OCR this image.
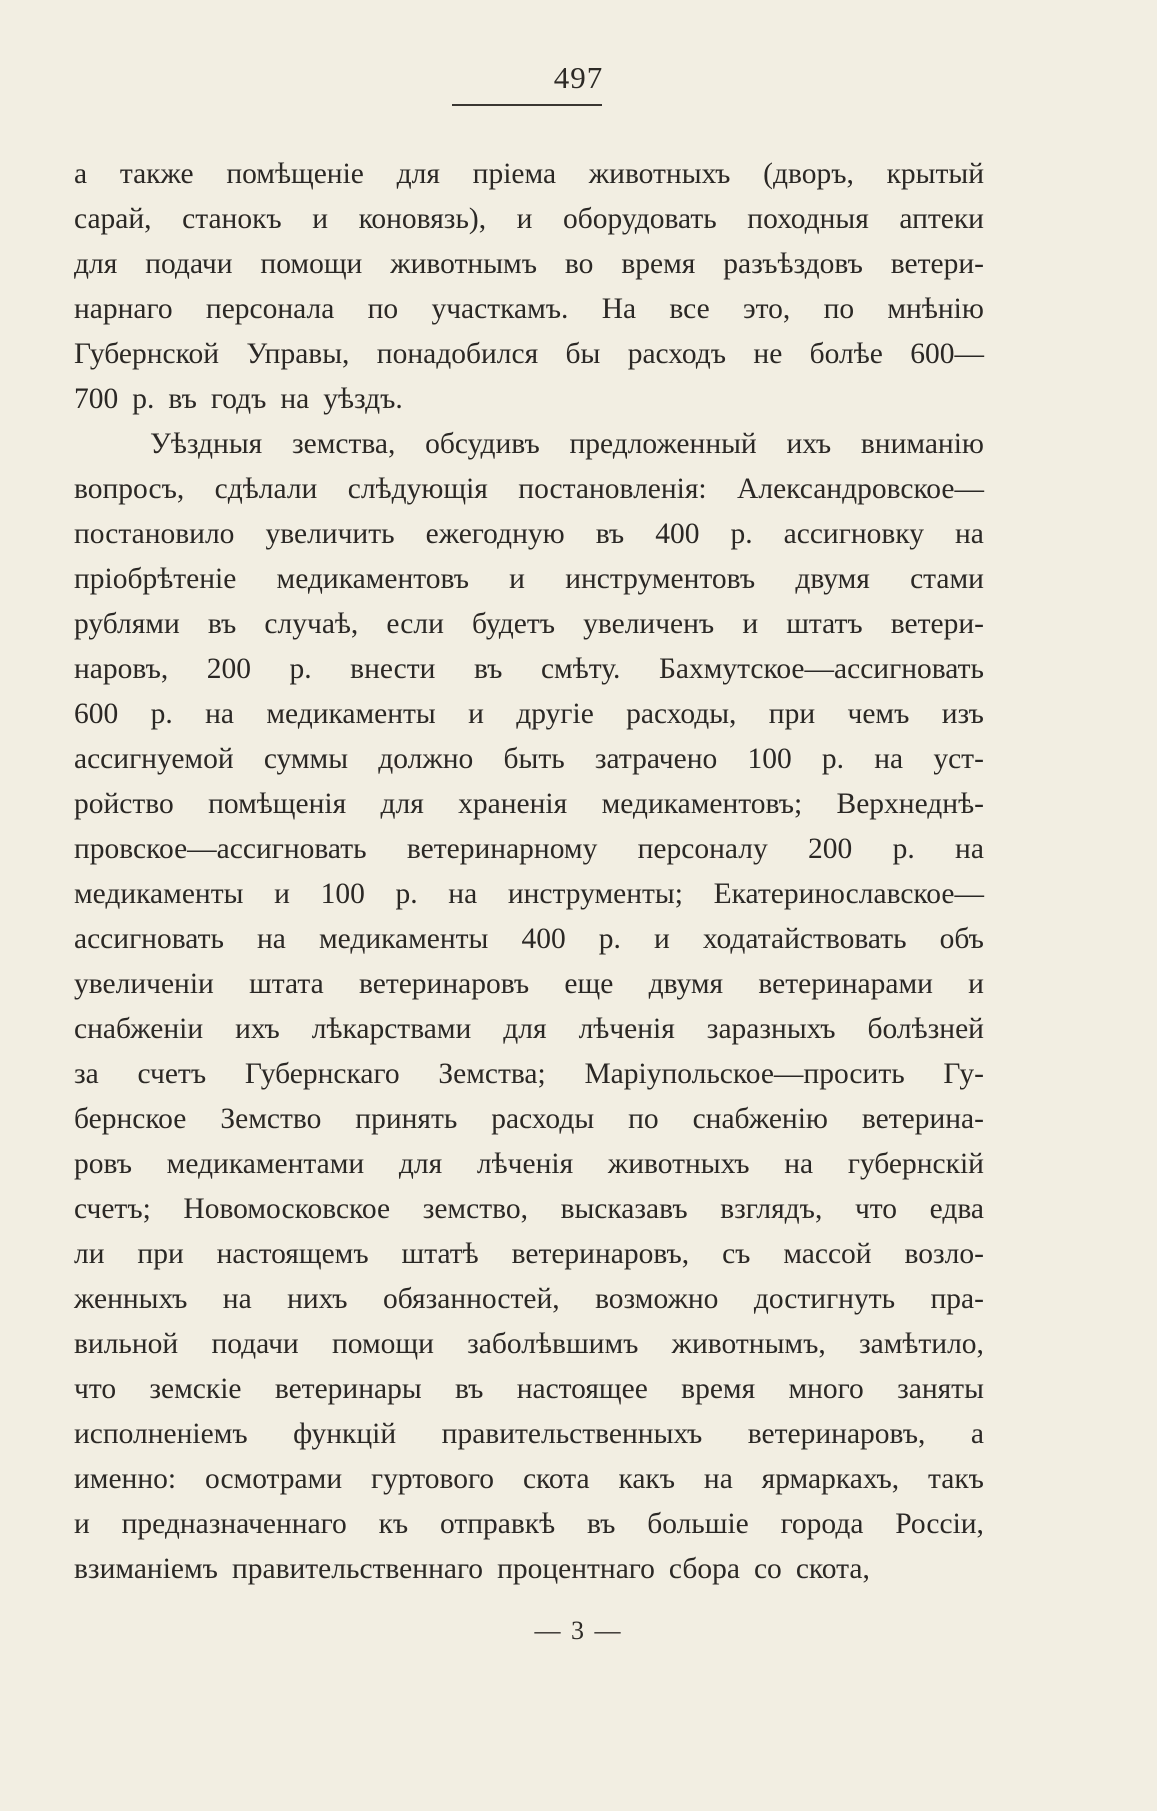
497
а также помѣщеніе для пріема животныхъ (дворъ, крытый
сарай, станокъ и коновязь), и оборудовать походныя аптеки
для подачи помощи животнымъ во время разъѣздовъ ветери-
нарнаго персонала по участкамъ. На все это, по мнѣнію
Губернской Управы, понадобился бы расходъ не болѣе 600—
700 р. въ годъ на уѣздъ.
Уѣздныя земства, обсудивъ предложенный ихъ вниманію
вопросъ, сдѣлали слѣдующія постановленія: Александровское—
постановило увеличить ежегодную въ 400 р. ассигновку на
пріобрѣтеніе медикаментовъ и инструментовъ двумя стами
рублями въ случаѣ, если будетъ увеличенъ и штатъ ветери-
наровъ, 200 р. внести въ смѣту. Бахмутское—ассигновать
600 р. на медикаменты и другіе расходы, при чемъ изъ
ассигнуемой суммы должно быть затрачено 100 р. на уст-
ройство помѣщенія для храненія медикаментовъ; Верхнеднѣ-
провское—ассигновать ветеринарному персоналу 200 р. на
медикаменты и 100 р. на инструменты; Екатеринославское—
ассигновать на медикаменты 400 р. и ходатайствовать объ
увеличеніи штата ветеринаровъ еще двумя ветеринарами и
снабженіи ихъ лѣкарствами для лѣченія заразныхъ болѣзней
за счетъ Губернскаго Земства; Маріупольское—просить Гу-
бернское Земство принять расходы по снабженію ветерина-
ровъ медикаментами для лѣченія животныхъ на губернскій
счетъ; Новомосковское земство, высказавъ взглядъ, что едва
ли при настоящемъ штатѣ ветеринаровъ, съ массой возло-
женныхъ на нихъ обязанностей, возможно достигнуть пра-
вильной подачи помощи заболѣвшимъ животнымъ, замѣтило,
что земскіе ветеринары въ настоящее время много заняты
исполненіемъ функцій правительственныхъ ветеринаровъ, а
именно: осмотрами гуртового скота какъ на ярмаркахъ, такъ
и предназначеннаго къ отправкѣ въ большіе города Россіи,
взиманіемъ правительственнаго процентнаго сбора со скота,
— 3 —
